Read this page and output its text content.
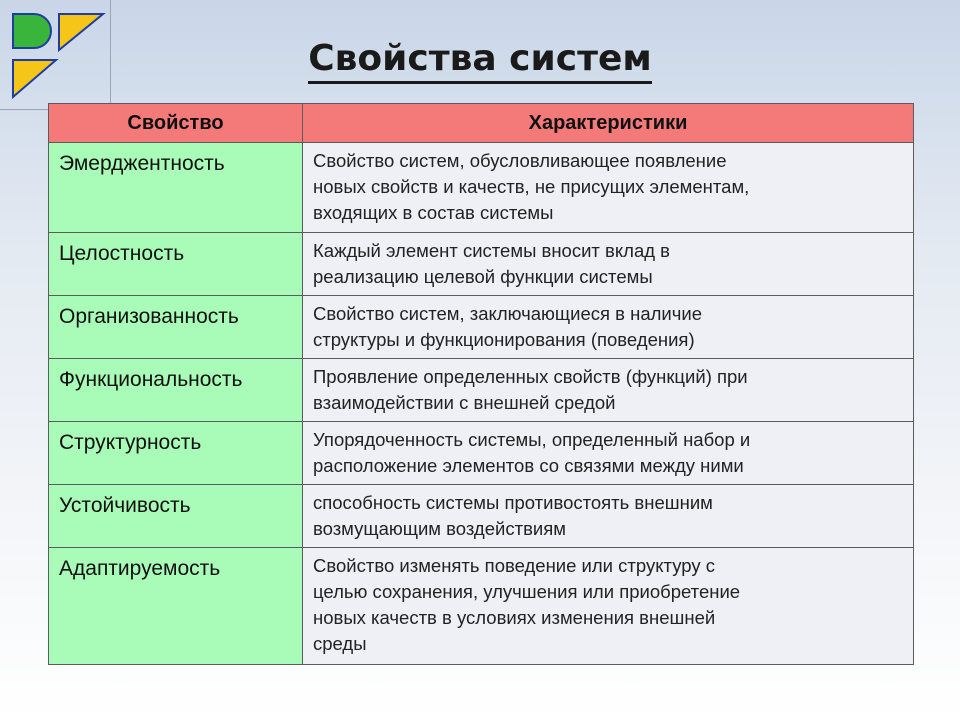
Свойства систем
Свойство	Характеристики
Эмерджентность	Свойство систем, обусловливающее появление
новых свойств и качеств, не присущих элементам,
входящих в состав системы

Целостность	Каждый элемент системы вносит вклад в
реализацию целевой функции системы

Организованность	Свойство систем, заключающиеся в наличие
структуры и функционирования (поведения)

Функциональность	Проявление определенных свойств (функций) при
взаимодействии с внешней средой

Структурность	Упорядоченность системы, определенный набор и
расположение элементов со связями между ними

Устойчивость	способность системы противостоять внешним
возмущающим воздействиям

Адаптируемость	Свойство изменять поведение или структуру с
целью сохранения, улучшения или приобретение
новых качеств в условиях изменения внешней
среды
